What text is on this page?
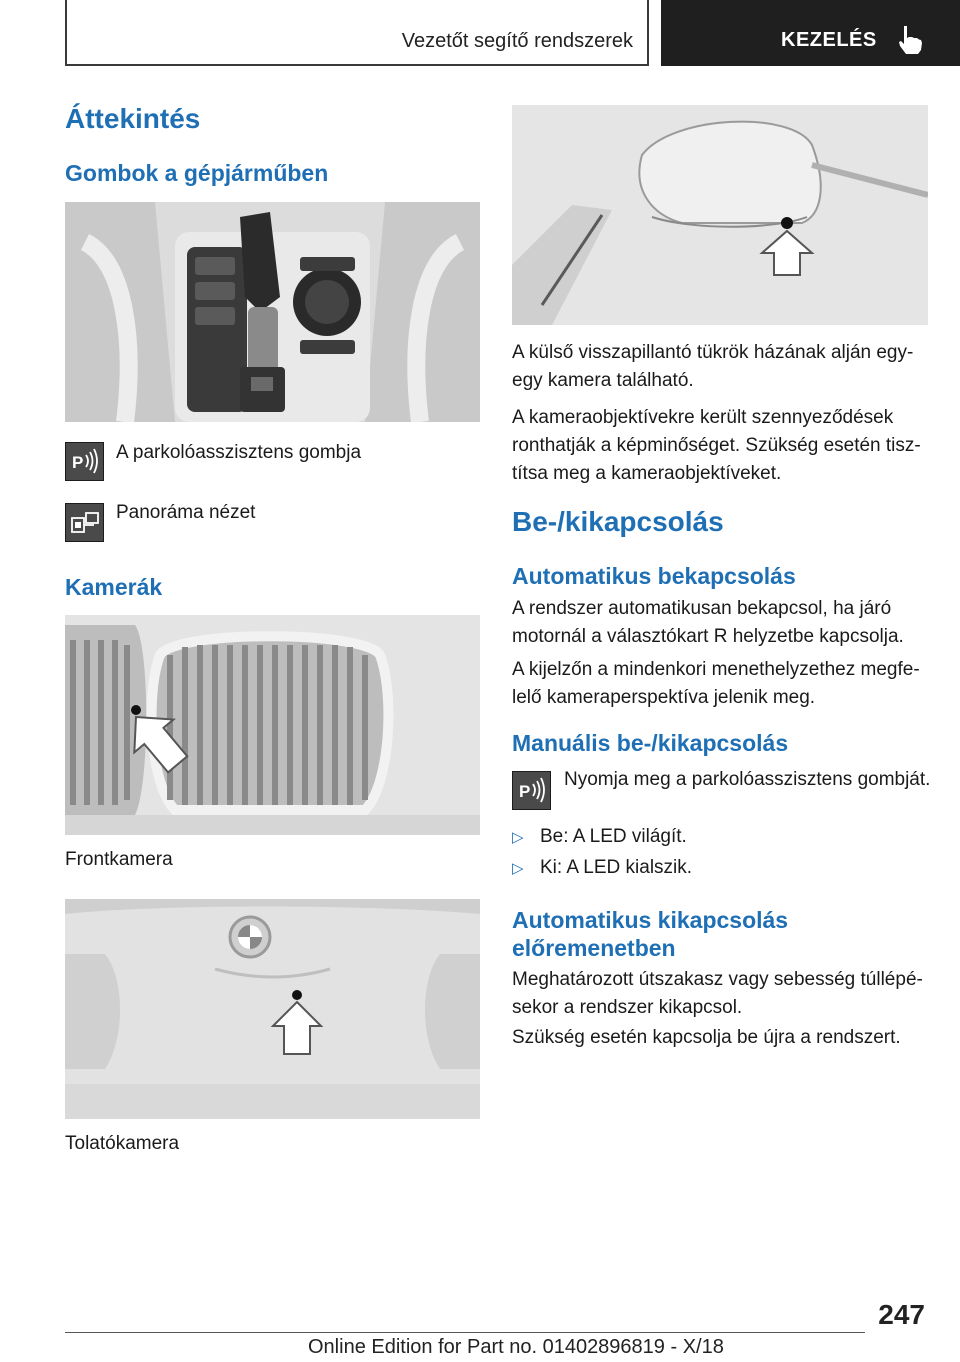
Vezetőt segítő rendszerek	KEZELÉS
Áttekintés
Gombok a gépjárműben
P A parkolóasszisztens gombja
Panoráma nézet
Kamerák
Frontkamera
Tolatókamera
A külső visszapillantó tükrök házának alján egy-
egy kamera található.
A kameraobjektívekre került szennyeződések
ronthatják a képminőséget. Szükség esetén tisz-
títsa meg a kameraobjektíveket.
Be-/kikapcsolás
Automatikus bekapcsolás
A rendszer automatikusan bekapcsol, ha járó
motornál a választókart R helyzetbe kapcsolja.
A kijelzőn a mindenkori menethelyzethez megfe-
lelő kameraperspektíva jelenik meg.
Manuális be-/kikapcsolás
P
Nyomja meg a parkolóasszisztens gombját.
▷ Be: A LED világít.
▷ Ki: A LED kialszik.
Automatikus kikapcsolás
előremenetben
Meghatározott útszakasz vagy sebesség túllépé-
sekor a rendszer kikapcsol.
Szükség esetén kapcsolja be újra a rendszert.
247
Online Edition for Part no. 01402896819 - X/18
